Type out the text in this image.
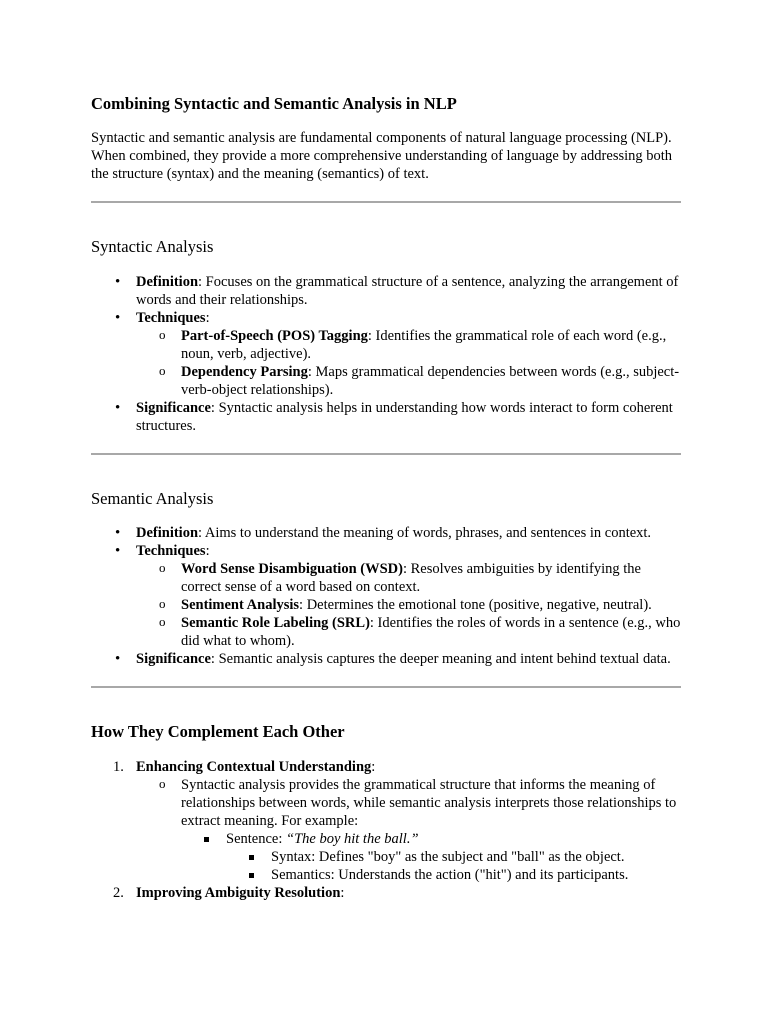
Combining Syntactic and Semantic Analysis in NLP

Syntactic and semantic analysis are fundamental components of natural language processing (NLP). When combined, they provide a more comprehensive understanding of language by addressing both the structure (syntax) and the meaning (semantics) of text.

Syntactic Analysis
• Definition: Focuses on the grammatical structure of a sentence, analyzing the arrangement of words and their relationships.
• Techniques:
o Part-of-Speech (POS) Tagging: Identifies the grammatical role of each word (e.g., noun, verb, adjective).
o Dependency Parsing: Maps grammatical dependencies between words (e.g., subject-verb-object relationships).
• Significance: Syntactic analysis helps in understanding how words interact to form coherent structures.
Semantic Analysis
• Definition: Aims to understand the meaning of words, phrases, and sentences in context.
• Techniques:
o Word Sense Disambiguation (WSD): Resolves ambiguities by identifying the correct sense of a word based on context.
o Sentiment Analysis: Determines the emotional tone (positive, negative, neutral).
o Semantic Role Labeling (SRL): Identifies the roles of words in a sentence (e.g., who did what to whom).
• Significance: Semantic analysis captures the deeper meaning and intent behind textual data.
How They Complement Each Other
1. Enhancing Contextual Understanding:
o Syntactic analysis provides the grammatical structure that informs the meaning of relationships between words, while semantic analysis interprets those relationships to extract meaning. For example:
Sentence: “The boy hit the ball.”
Syntax: Defines "boy" as the subject and "ball" as the object.
Semantics: Understands the action ("hit") and its participants.
2. Improving Ambiguity Resolution:
